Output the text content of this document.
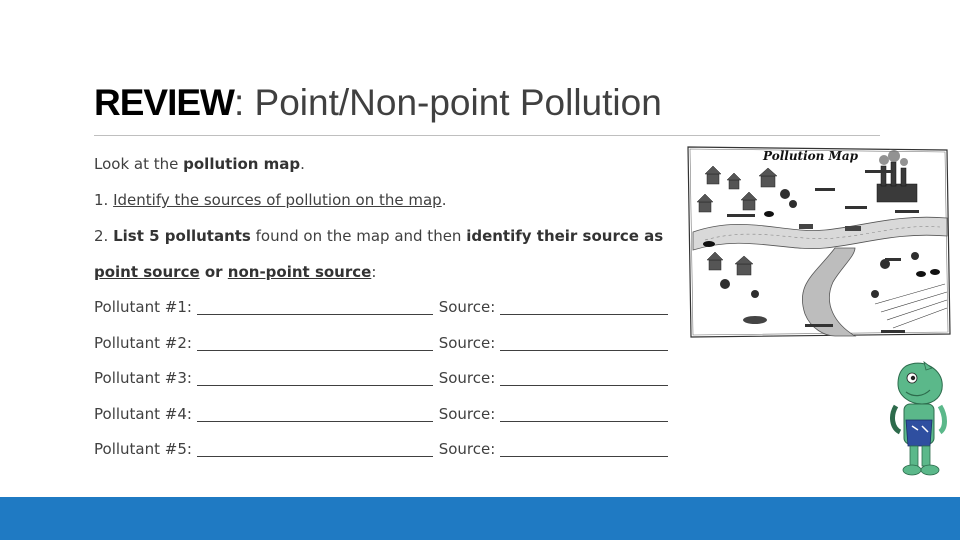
REVIEW: Point/Non-point Pollution

Look at the pollution map.

1. Identify the sources of pollution on the map.

2. List 5 pollutants found on the map and then identify their source as

point source or non-point source:

Pollutant #1:	Source:
Pollutant #2:	Source:
Pollutant #3:	Source:
Pollutant #4:	Source:
Pollutant #5:	Source:
Pollution Map
